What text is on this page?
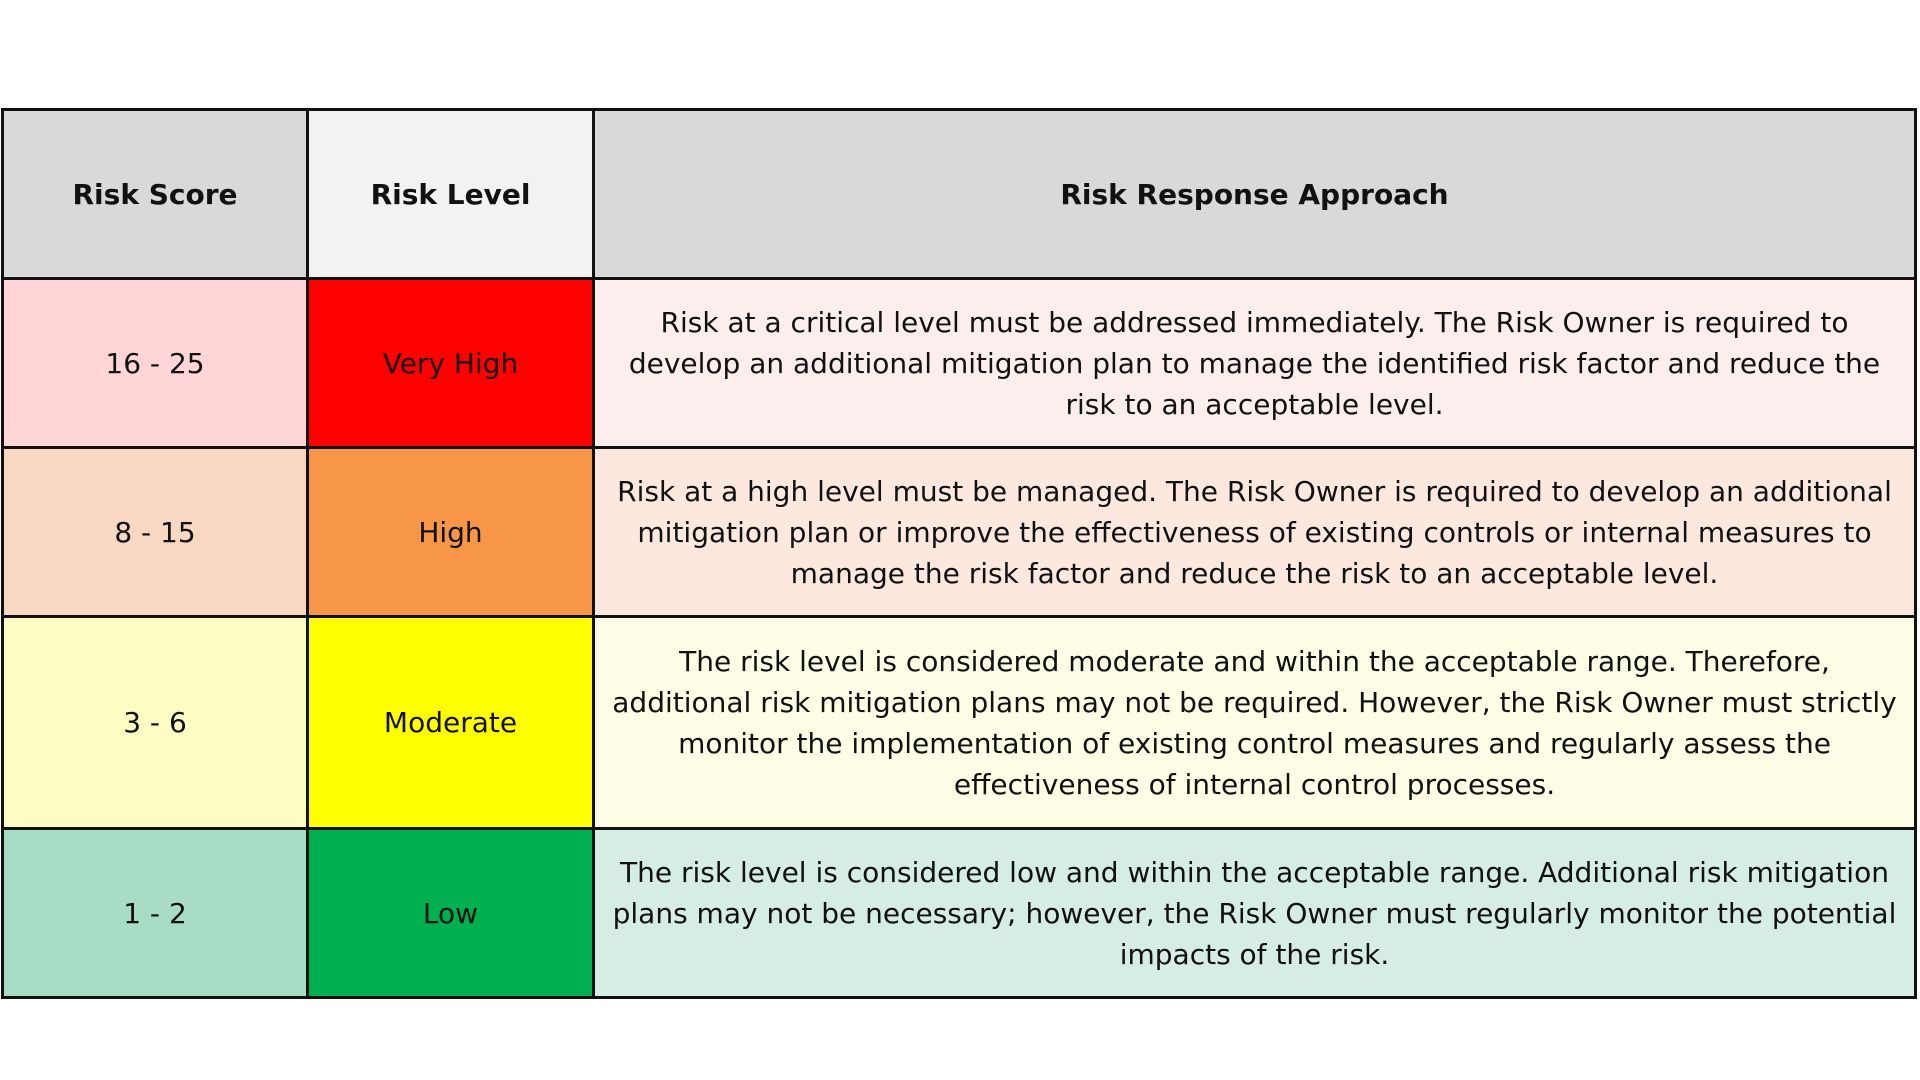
Risk Score	Risk Level	Risk Response Approach
16 - 25	Very High	Risk at a critical level must be addressed immediately. The Risk Owner is required to develop an additional mitigation plan to manage the identified risk factor and reduce the risk to an acceptable level.
8 - 15	High	Risk at a high level must be managed. The Risk Owner is required to develop an additional mitigation plan or improve the effectiveness of existing controls or internal measures to manage the risk factor and reduce the risk to an acceptable level.
3 - 6	Moderate	The risk level is considered moderate and within the acceptable range. Therefore, additional risk mitigation plans may not be required. However, the Risk Owner must strictly monitor the implementation of existing control measures and regularly assess the effectiveness of internal control processes.
1 - 2	Low	The risk level is considered low and within the acceptable range. Additional risk mitigation plans may not be necessary; however, the Risk Owner must regularly monitor the potential impacts of the risk.
